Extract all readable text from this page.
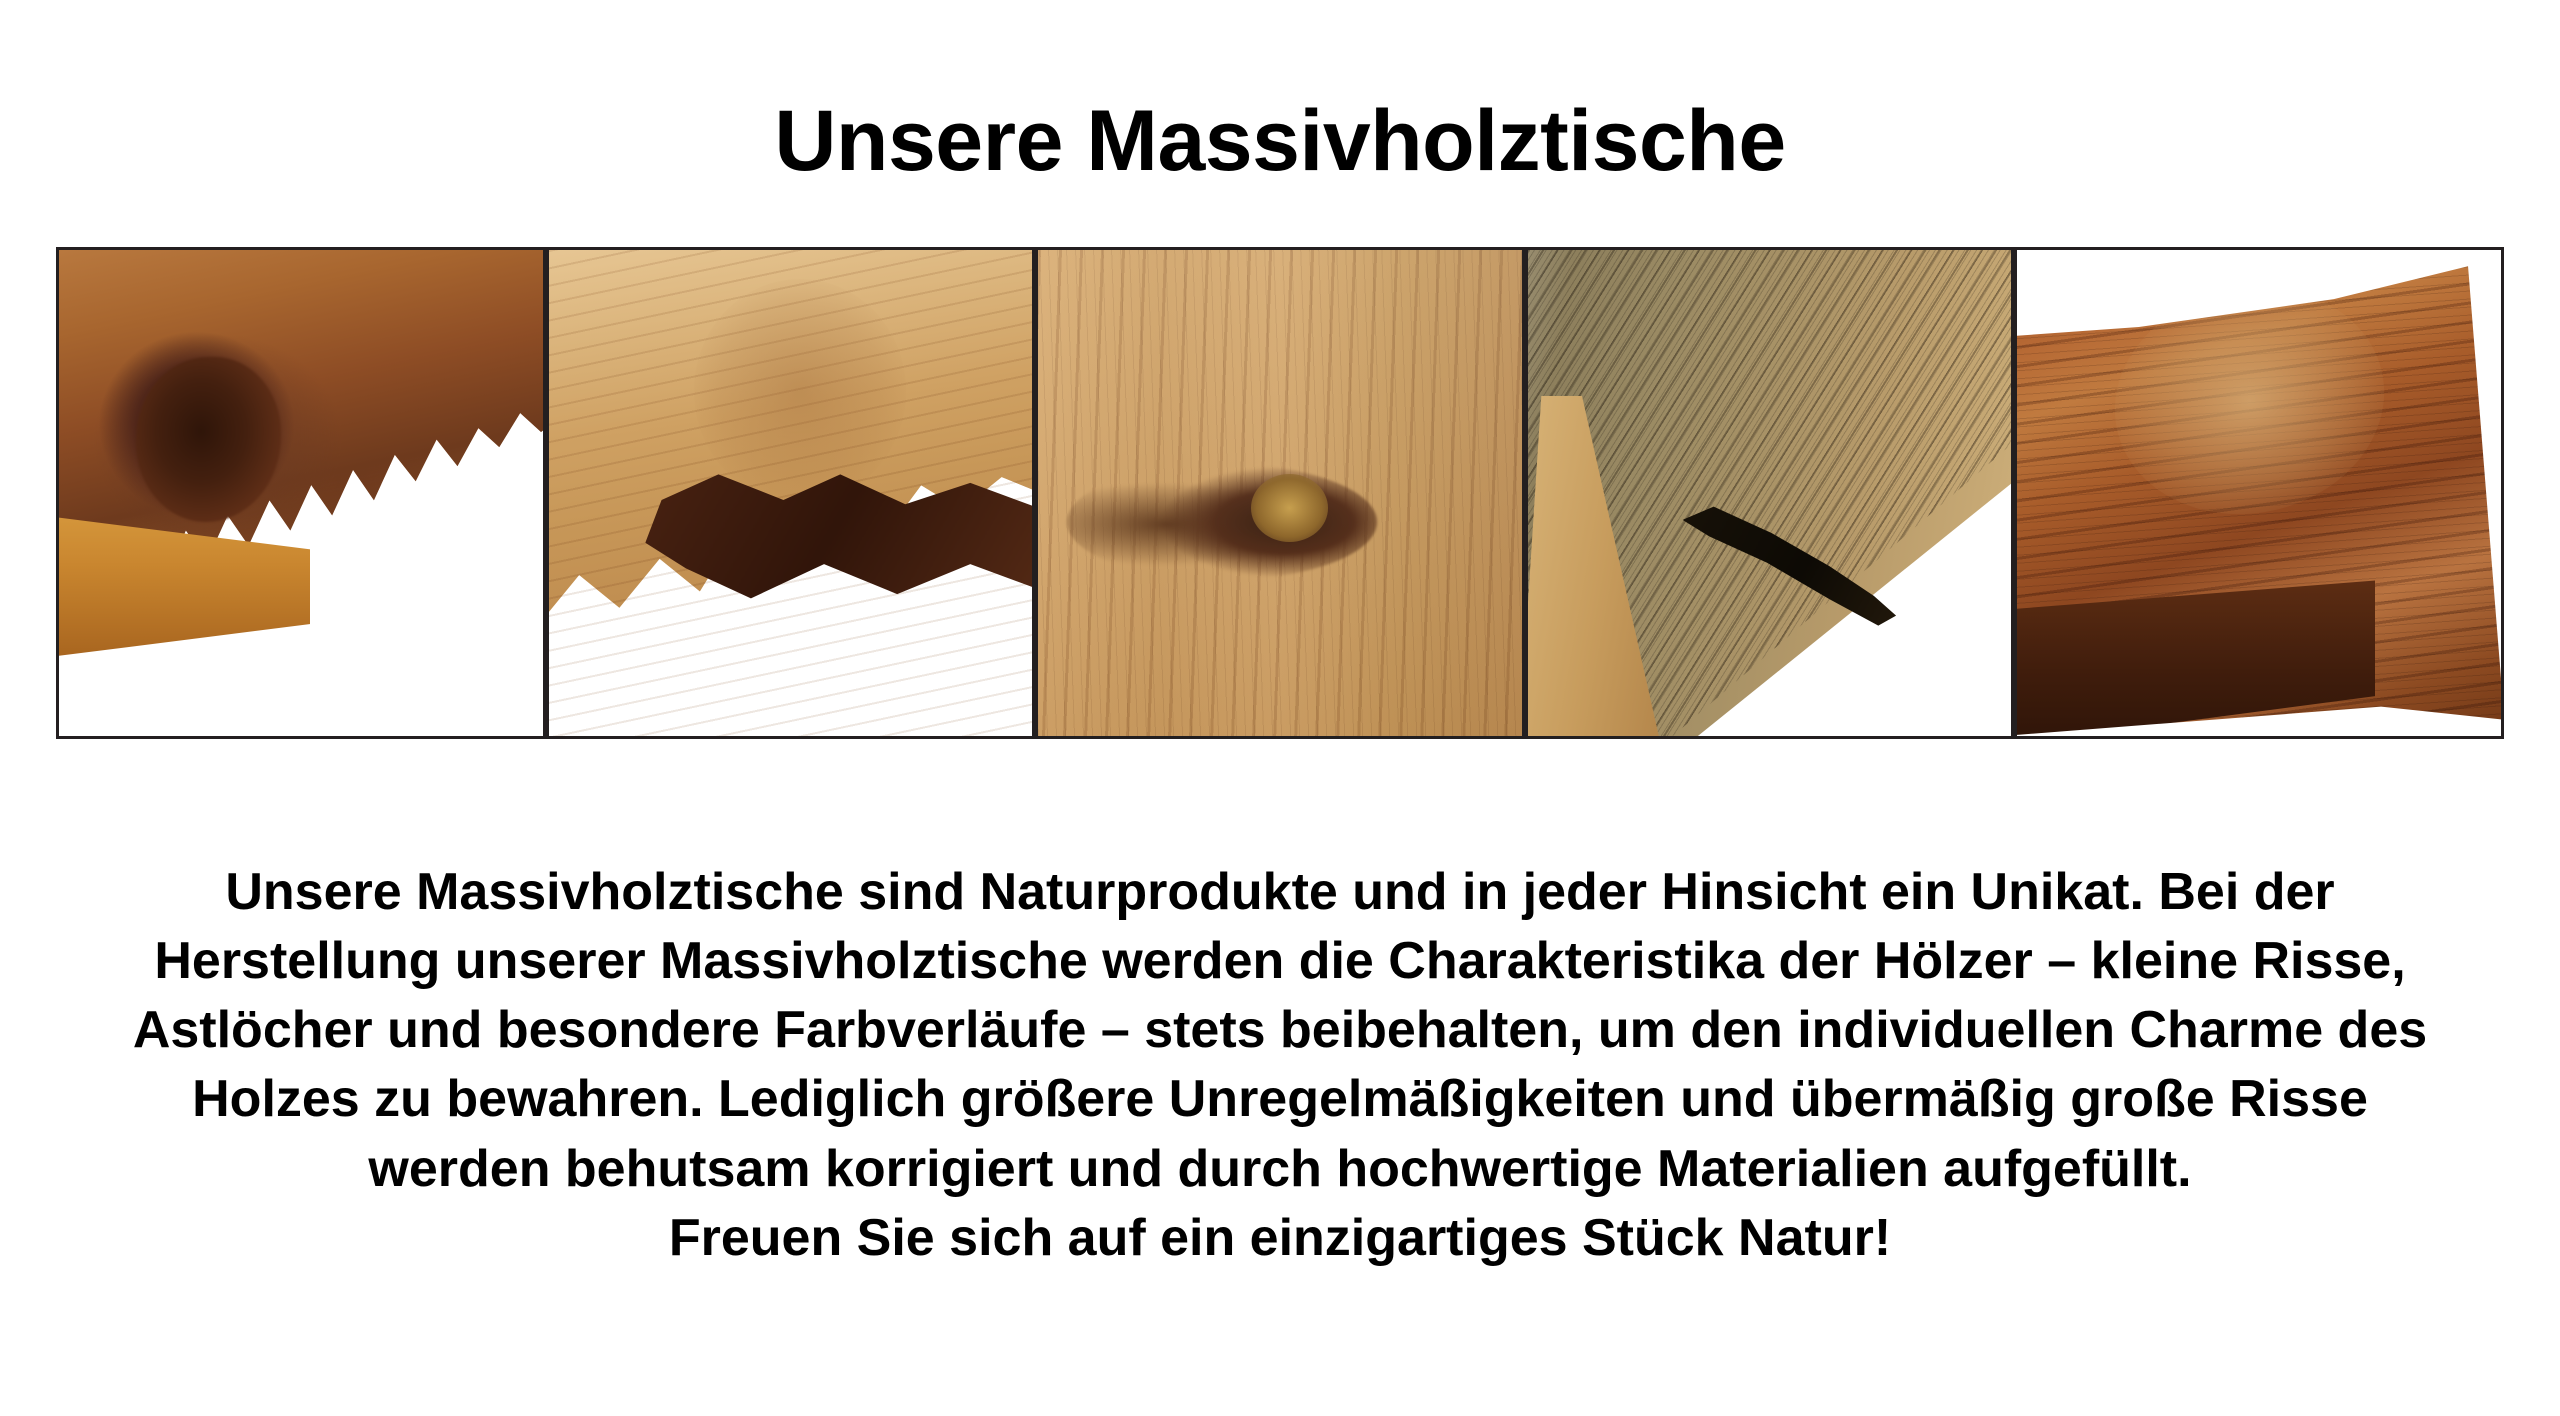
Unsere Massivholztische

Unsere Massivholztische sind Naturprodukte und in jeder Hinsicht ein Unikat. Bei der

Herstellung unserer Massivholztische werden die Charakteristika der Hölzer – kleine Risse,

Astlöcher und besondere Farbverläufe – stets beibehalten, um den individuellen Charme des

Holzes zu bewahren. Lediglich größere Unregelmäßigkeiten und übermäßig große Risse

werden behutsam korrigiert und durch hochwertige Materialien aufgefüllt.

Freuen Sie sich auf ein einzigartiges Stück Natur!
